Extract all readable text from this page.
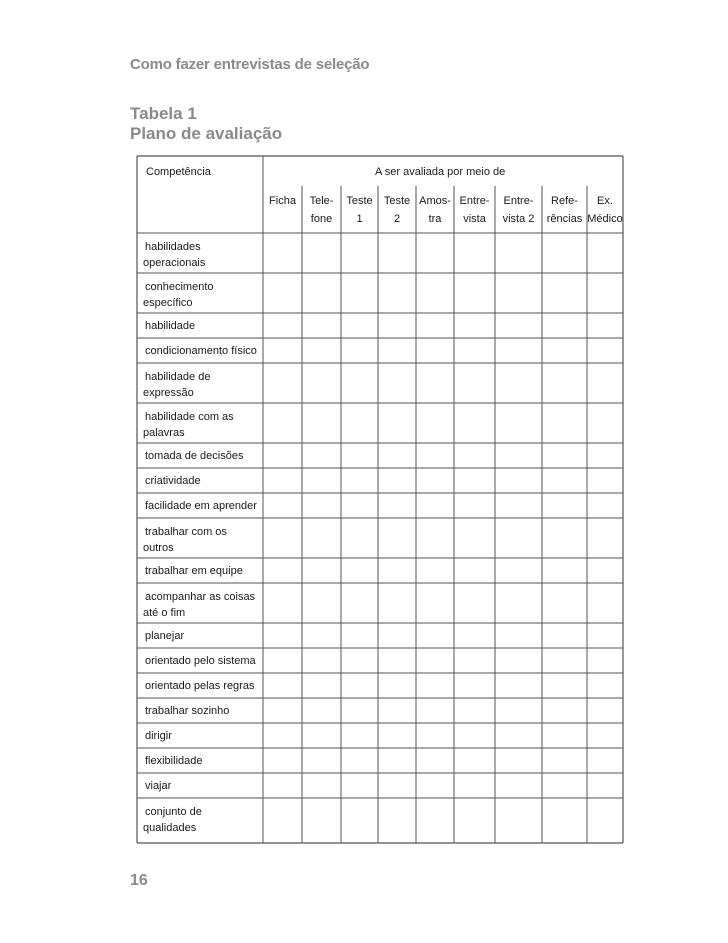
Como fazer entrevistas de seleção
Tabela 1
Plano de avaliação
Competência	A ser avaliada por meio de
Ficha	Tele-
fone
Teste
1
Teste
2
Amos-
tra
Entre-
vista
Entre-
vista 2
Refe-
rências
Ex.
Médico
habilidades
operacionais
conhecimento
específico
habilidade
condicionamento físico
habilidade de
expressão
habilidade com as
palavras
tomada de decisões
criatividade
facilidade em aprender
trabalhar com os
outros
trabalhar em equipe
acompanhar as coisas
até o fim
planejar
orientado pelo sistema
orientado pelas regras
trabalhar sozinho
dirigir
flexibilidade
viajar
conjunto de
qualidades
16
